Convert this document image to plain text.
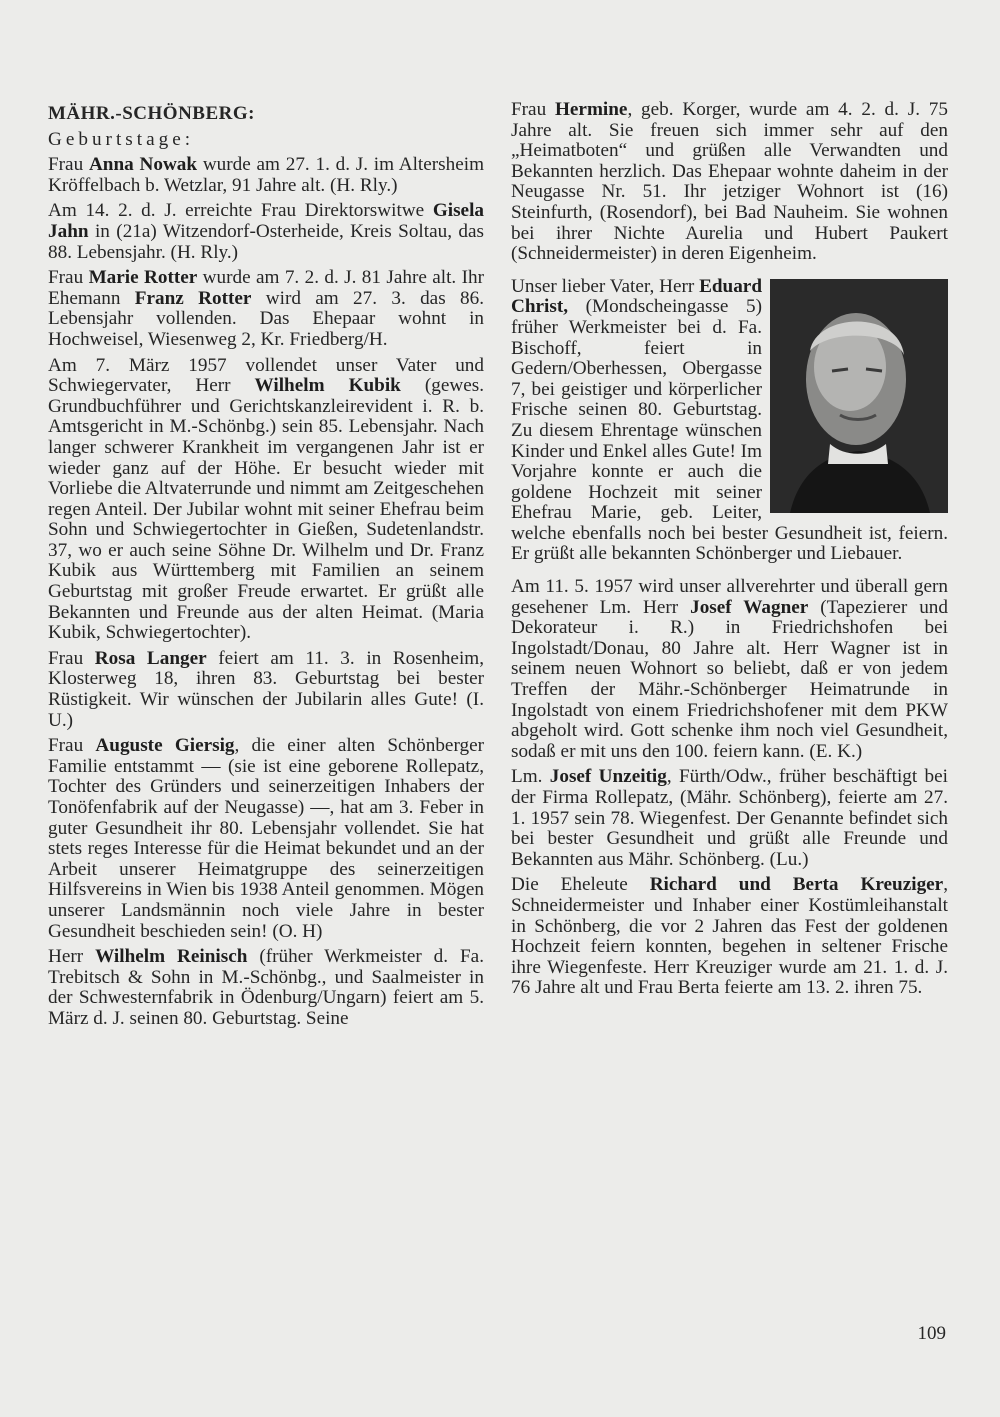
MÄHR.-SCHÖNBERG:

Geburtstage:

Frau Anna Nowak wurde am 27. 1. d. J. im Altersheim Kröffelbach b. Wetzlar, 91 Jahre alt. (H. Rly.)

Am 14. 2. d. J. erreichte Frau Direktorswitwe Gisela Jahn in (21a) Witzendorf-Osterheide, Kreis Soltau, das 88. Lebensjahr. (H. Rly.)

Frau Marie Rotter wurde am 7. 2. d. J. 81 Jahre alt. Ihr Ehemann Franz Rotter wird am 27. 3. das 86. Lebensjahr vollenden. Das Ehepaar wohnt in Hochweisel, Wiesenweg 2, Kr. Friedberg/H.

Am 7. März 1957 vollendet unser Vater und Schwiegervater, Herr Wilhelm Kubik (gewes. Grundbuchführer und Gerichtskanzleirevident i. R. b. Amtsgericht in M.-Schönbg.) sein 85. Lebensjahr. Nach langer schwerer Krankheit im vergangenen Jahr ist er wieder ganz auf der Höhe. Er besucht wieder mit Vorliebe die Altvaterrunde und nimmt am Zeitgeschehen regen Anteil. Der Jubilar wohnt mit seiner Ehefrau beim Sohn und Schwiegertochter in Gießen, Sudetenlandstr. 37, wo er auch seine Söhne Dr. Wilhelm und Dr. Franz Kubik aus Württemberg mit Familien an seinem Geburtstag mit großer Freude erwartet. Er grüßt alle Bekannten und Freunde aus der alten Heimat. (Maria Kubik, Schwiegertochter).

Frau Rosa Langer feiert am 11. 3. in Rosenheim, Klosterweg 18, ihren 83. Geburtstag bei bester Rüstigkeit. Wir wünschen der Jubilarin alles Gute! (I. U.)

Frau Auguste Giersig, die einer alten Schönberger Familie entstammt — (sie ist eine geborene Rollepatz, Tochter des Gründers und seinerzeitigen Inhabers der Tonöfenfabrik auf der Neugasse) —, hat am 3. Feber in guter Gesundheit ihr 80. Lebensjahr vollendet. Sie hat stets reges Interesse für die Heimat bekundet und an der Arbeit unserer Heimatgruppe des seinerzeitigen Hilfsvereins in Wien bis 1938 Anteil genommen. Mögen unserer Landsmännin noch viele Jahre in bester Gesundheit beschieden sein! (O. H)

Herr Wilhelm Reinisch (früher Werkmeister d. Fa. Trebitsch & Sohn in M.-Schönbg., und Saalmeister in der Schwesternfabrik in Ödenburg/Ungarn) feiert am 5. März d. J. seinen 80. Geburtstag. Seine

Frau Hermine, geb. Korger, wurde am 4. 2. d. J. 75 Jahre alt. Sie freuen sich immer sehr auf den „Heimatboten“ und grüßen alle Verwandten und Bekannten herzlich. Das Ehepaar wohnte daheim in der Neugasse Nr. 51. Ihr jetziger Wohnort ist (16) Steinfurth, (Rosendorf), bei Bad Nauheim. Sie wohnen bei ihrer Nichte Aurelia und Hubert Paukert (Schneidermeister) in deren Eigenheim.

Unser lieber Vater, Herr Eduard Christ, (Mondscheingasse 5) früher Werkmeister bei d. Fa. Bischoff, feiert in Gedern/Oberhessen, Obergasse 7, bei geistiger und körperlicher Frische seinen 80. Geburtstag. Zu diesem Ehrentage wünschen Kinder und Enkel alles Gute! Im Vorjahre konnte er auch die goldene Hochzeit mit seiner Ehefrau Marie, geb. Leiter, welche ebenfalls noch bei bester Gesundheit ist, feiern. Er grüßt alle bekannten Schönberger und Liebauer.

Am 11. 5. 1957 wird unser allverehrter und überall gern gesehener Lm. Herr Josef Wagner (Tapezierer und Dekorateur i. R.) in Friedrichshofen bei Ingolstadt/Donau, 80 Jahre alt. Herr Wagner ist in seinem neuen Wohnort so beliebt, daß er von jedem Treffen der Mähr.-Schönberger Heimatrunde in Ingolstadt von einem Friedrichshofener mit dem PKW abgeholt wird. Gott schenke ihm noch viel Gesundheit, sodaß er mit uns den 100. feiern kann. (E. K.)

Lm. Josef Unzeitig, Fürth/Odw., früher beschäftigt bei der Firma Rollepatz, (Mähr. Schönberg), feierte am 27. 1. 1957 sein 78. Wiegenfest. Der Genannte befindet sich bei bester Gesundheit und grüßt alle Freunde und Bekannten aus Mähr. Schönberg. (Lu.)

Die Eheleute Richard und Berta Kreuziger, Schneidermeister und Inhaber einer Kostümleihanstalt in Schönberg, die vor 2 Jahren das Fest der goldenen Hochzeit feiern konnten, begehen in seltener Frische ihre Wiegenfeste. Herr Kreuziger wurde am 21. 1. d. J. 76 Jahre alt und Frau Berta feierte am 13. 2. ihren 75.

109
